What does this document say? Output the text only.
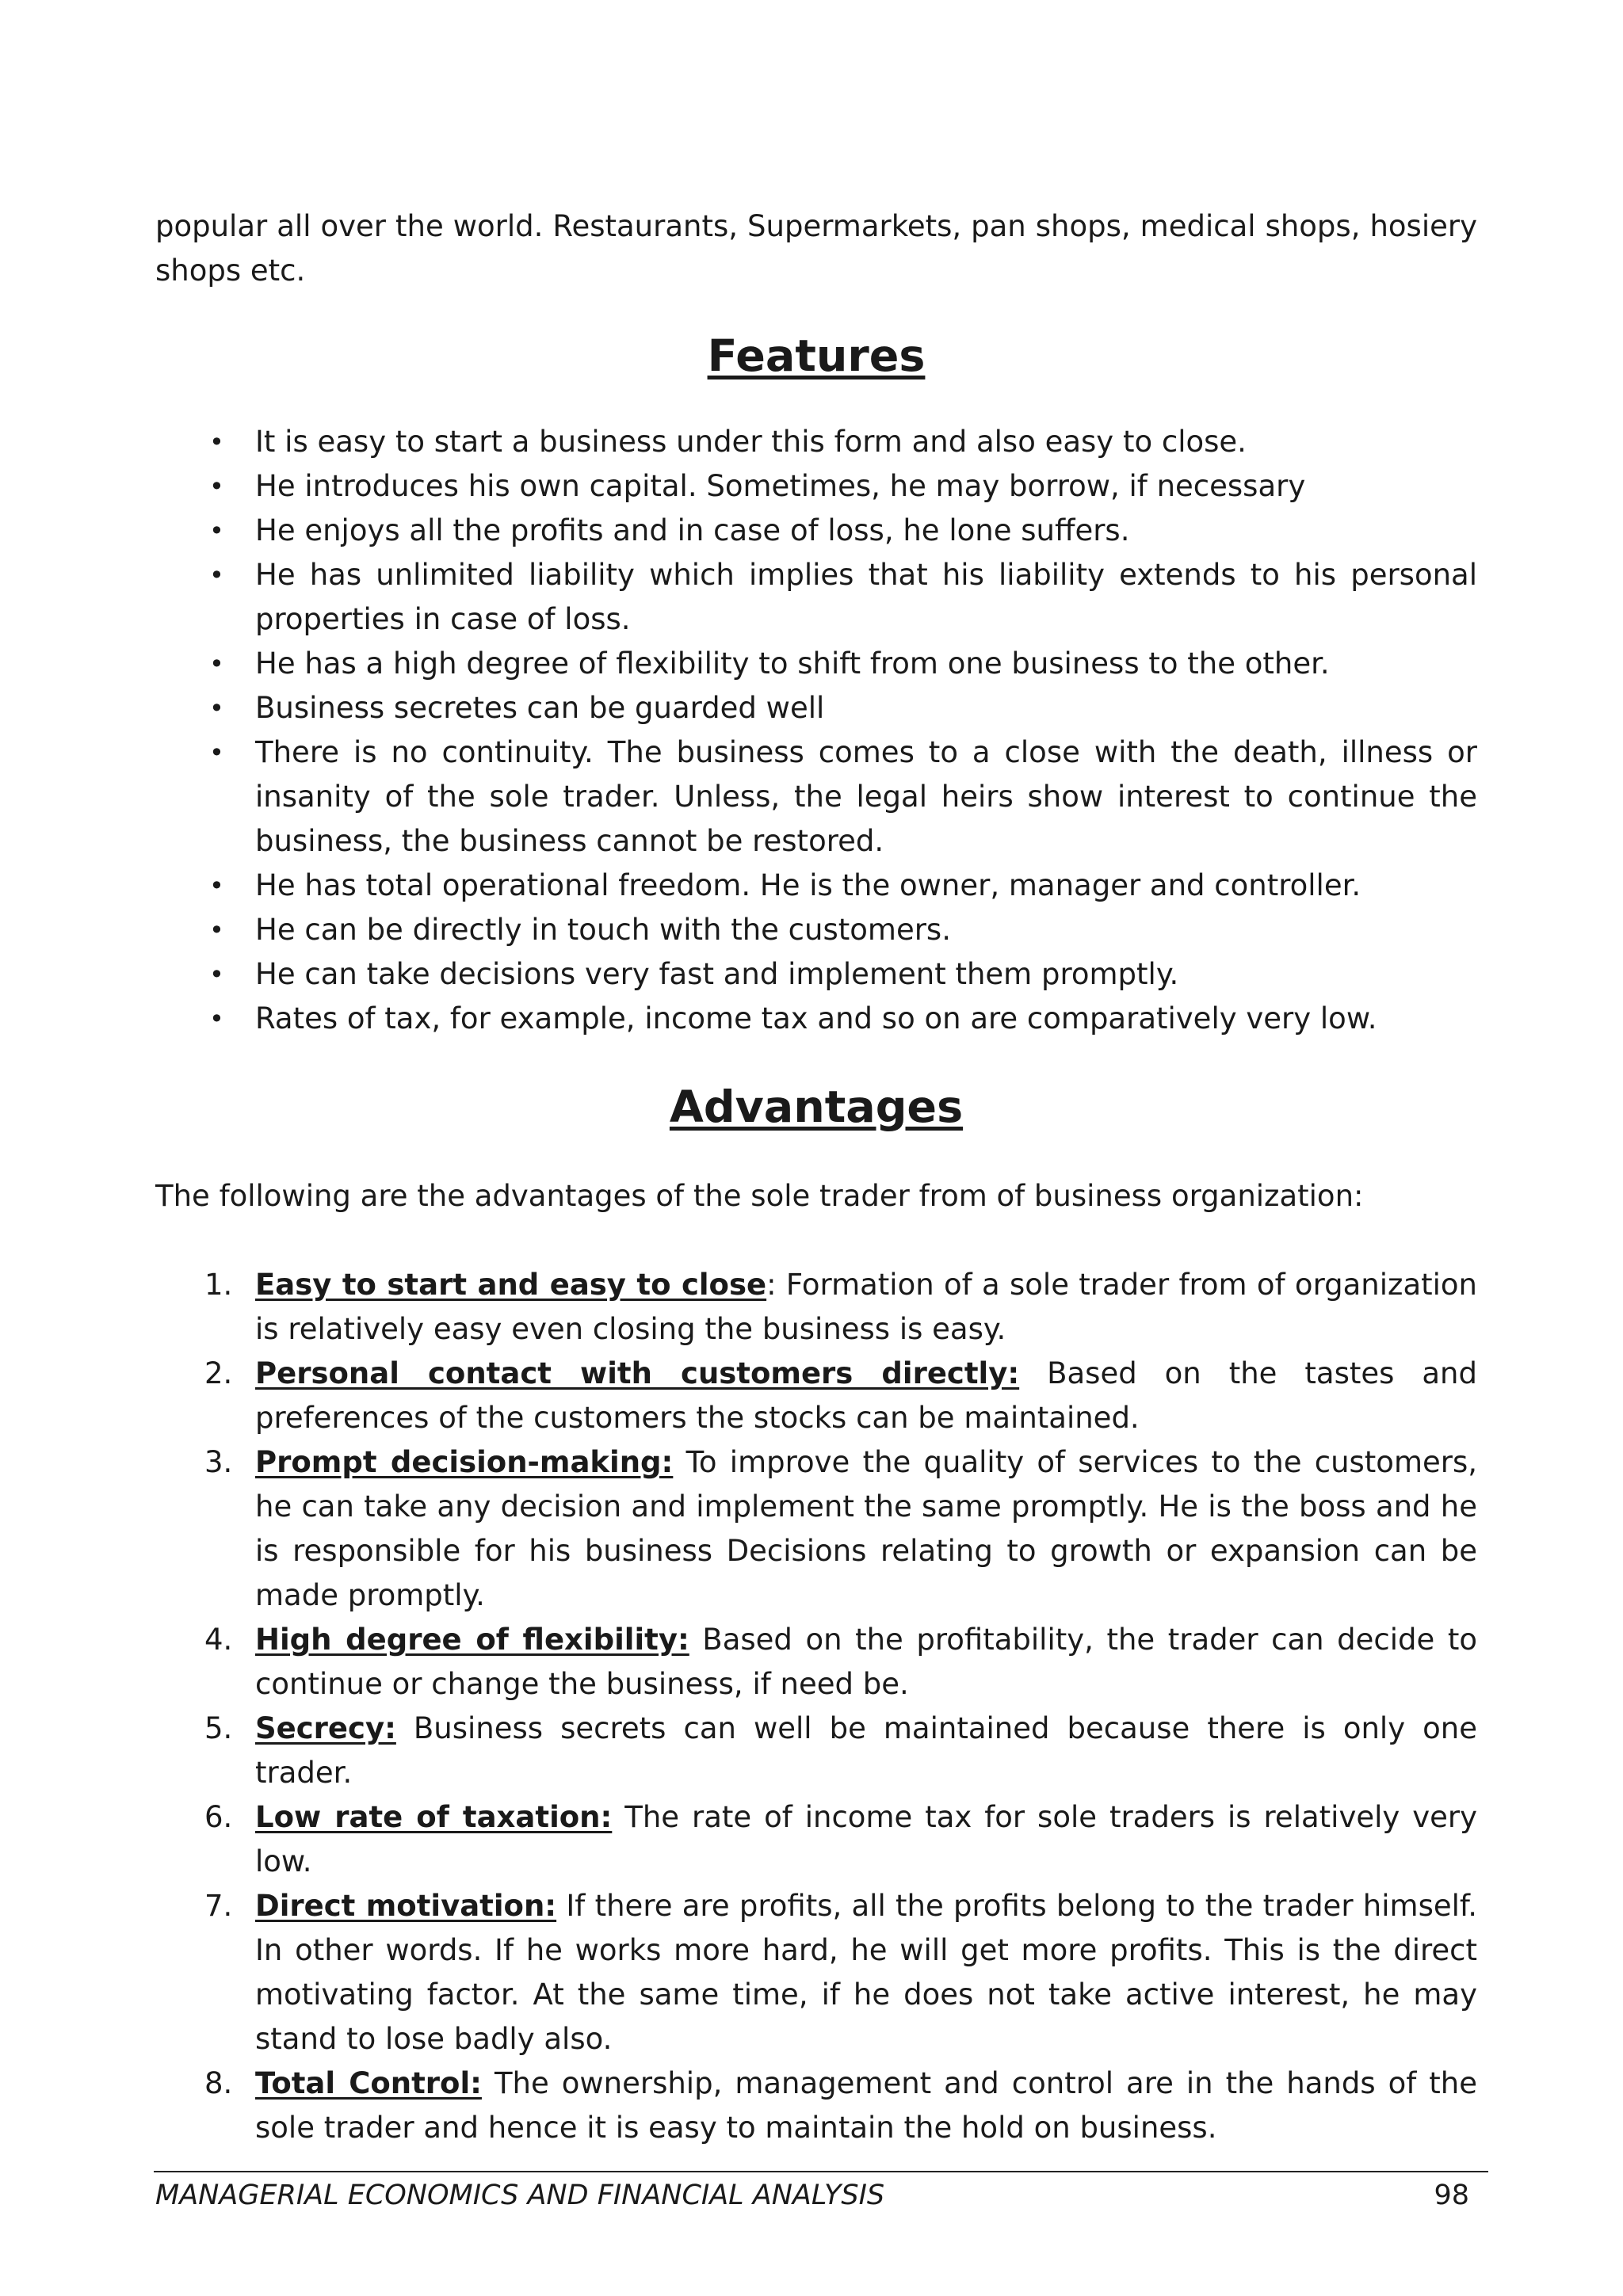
popular all over the world. Restaurants, Supermarkets, pan shops, medical shops, hosiery shops etc.

Features
• It is easy to start a business under this form and also easy to close.
• He introduces his own capital. Sometimes, he may borrow, if necessary
• He enjoys all the profits and in case of loss, he lone suffers.
• He has unlimited liability which implies that his liability extends to his personal properties in case of loss.
• He has a high degree of flexibility to shift from one business to the other.
• Business secretes can be guarded well
• There is no continuity. The business comes to a close with the death, illness or insanity of the sole trader. Unless, the legal heirs show interest to continue the business, the business cannot be restored.
• He has total operational freedom. He is the owner, manager and controller.
• He can be directly in touch with the customers.
• He can take decisions very fast and implement them promptly.
• Rates of tax, for example, income tax and so on are comparatively very low.
Advantages

The following are the advantages of the sole trader from of business organization:

1. Easy to start and easy to close: Formation of a sole trader from of organization is relatively easy even closing the business is easy.
2. Personal contact with customers directly: Based on the tastes and preferences of the customers the stocks can be maintained.
3. Prompt decision-making: To improve the quality of services to the customers, he can take any decision and implement the same promptly. He is the boss and he is responsible for his business Decisions relating to growth or expansion can be made promptly.
4. High degree of flexibility: Based on the profitability, the trader can decide to continue or change the business, if need be.
5. Secrecy: Business secrets can well be maintained because there is only one trader.
6. Low rate of taxation: The rate of income tax for sole traders is relatively very low.
7. Direct motivation: If there are profits, all the profits belong to the trader himself. In other words. If he works more hard, he will get more profits. This is the direct motivating factor. At the same time, if he does not take active interest, he may stand to lose badly also.
8. Total Control: The ownership, management and control are in the hands of the sole trader and hence it is easy to maintain the hold on business.
MANAGERIAL ECONOMICS AND FINANCIAL ANALYSIS	98
